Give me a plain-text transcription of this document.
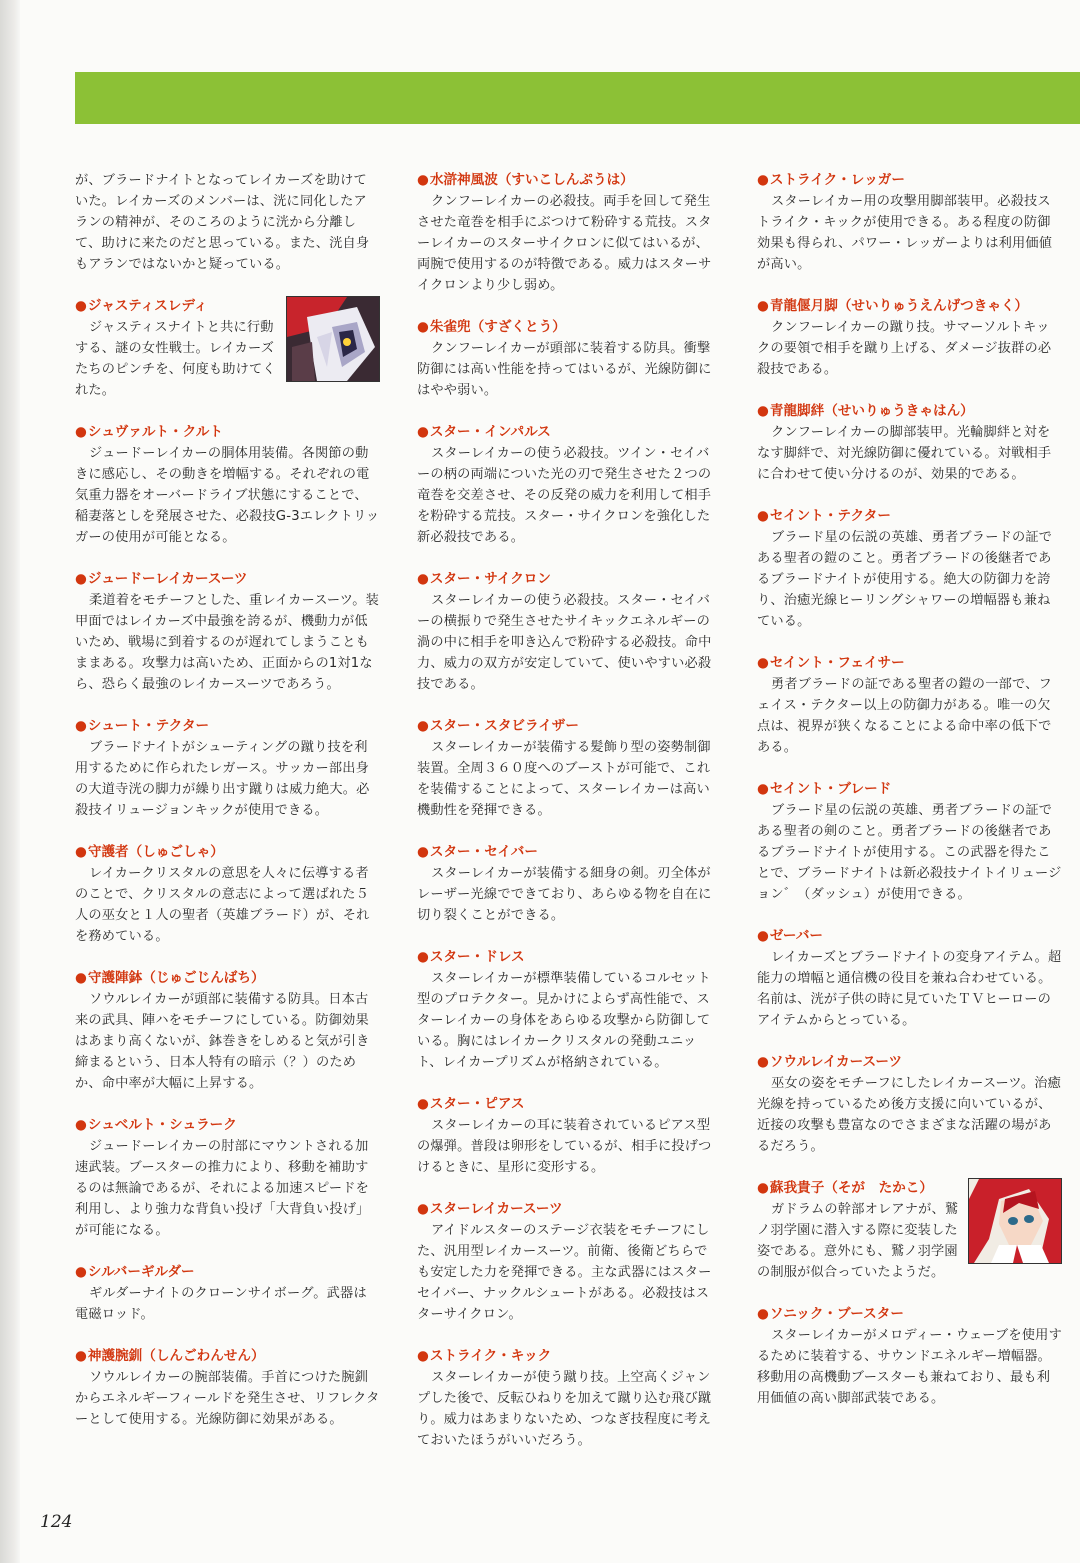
が、ブラードナイトとなってレイカーズを助けていた。レイカーズのメンバーは、洸に同化したアランの精神が、そのころのように洸から分離して、助けに来たのだと思っている。また、洸自身もアランではないかと疑っている。

● ジャスティスレディ

ジャスティスナイトと共に行動する、謎の女性戦士。レイカーズたちのピンチを、何度も助けてくれた。

● シュヴァルト・クルト

ジュードーレイカーの胴体用装備。各関節の動きに感応し、その動きを増幅する。それぞれの電気重力器をオーバードライブ状態にすることで、稲妻落としを発展させた、必殺技G-3エレクトリッガーの使用が可能となる。

● ジュードーレイカースーツ

柔道着をモチーフとした、重レイカースーツ。装甲面ではレイカーズ中最強を誇るが、機動力が低いため、戦場に到着するのが遅れてしまうこともままある。攻撃力は高いため、正面からの1対1なら、恐らく最強のレイカースーツであろう。

● シュート・テクター

ブラードナイトがシューティングの蹴り技を利用するために作られたレガース。サッカー部出身の大道寺洸の脚力が繰り出す蹴りは威力絶大。必殺技イリュージョンキックが使用できる。

● 守護者（しゅごしゃ）

レイカークリスタルの意思を人々に伝導する者のことで、クリスタルの意志によって選ばれた５人の巫女と１人の聖者（英雄ブラード）が、それを務めている。

● 守護陣鉢（じゅごじんばち）

ソウルレイカーが頭部に装備する防具。日本古来の武具、陣ハをモチーフにしている。防御効果はあまり高くないが、鉢巻きをしめると気が引き締まるという、日本人特有の暗示（？）のためか、命中率が大幅に上昇する。

● シュベルト・シュラーク

ジュードーレイカーの肘部にマウントされる加速武装。ブースターの推力により、移動を補助するのは無論であるが、それによる加速スピードを利用し、より強力な背負い投げ「大背負い投げ」が可能になる。

● シルバーギルダー

ギルダーナイトのクローンサイボーグ。武器は電磁ロッド。

● 神護腕釧（しんごわんせん）

ソウルレイカーの腕部装備。手首につけた腕釧からエネルギーフィールドを発生させ、リフレクターとして使用する。光線防御に効果がある。

● 水滸神風波（すいこしんぷうは）

クンフーレイカーの必殺技。両手を回して発生させた竜巻を相手にぶつけて粉砕する荒技。スターレイカーのスターサイクロンに似てはいるが、両腕で使用するのが特徴である。威力はスターサイクロンより少し弱め。

● 朱雀兜（すざくとう）

クンフーレイカーが頭部に装着する防具。衝撃防御には高い性能を持ってはいるが、光線防御にはやや弱い。

● スター・インパルス

スターレイカーの使う必殺技。ツイン・セイバーの柄の両端についた光の刃で発生させた２つの竜巻を交差させ、その反発の威力を利用して相手を粉砕する荒技。スター・サイクロンを強化した新必殺技である。

● スター・サイクロン

スターレイカーの使う必殺技。スター・セイバーの横振りで発生させたサイキックエネルギーの渦の中に相手を叩き込んで粉砕する必殺技。命中力、威力の双方が安定していて、使いやすい必殺技である。

● スター・スタビライザー

スターレイカーが装備する髪飾り型の姿勢制御装置。全周３６０度へのブーストが可能で、これを装備することによって、スターレイカーは高い機動性を発揮できる。

● スター・セイバー

スターレイカーが装備する細身の剣。刃全体がレーザー光線でできており、あらゆる物を自在に切り裂くことができる。

● スター・ドレス

スターレイカーが標準装備しているコルセット型のプロテクター。見かけによらず高性能で、スターレイカーの身体をあらゆる攻撃から防御している。胸にはレイカークリスタルの発動ユニット、レイカープリズムが格納されている。

● スター・ピアス

スターレイカーの耳に装着されているピアス型の爆弾。普段は卵形をしているが、相手に投げつけるときに、星形に変形する。

● スターレイカースーツ

アイドルスターのステージ衣装をモチーフにした、汎用型レイカースーツ。前衛、後衛どちらでも安定した力を発揮できる。主な武器にはスターセイバー、ナックルシュートがある。必殺技はスターサイクロン。

● ストライク・キック

スターレイカーが使う蹴り技。上空高くジャンプした後で、反転ひねりを加えて蹴り込む飛び蹴り。威力はあまりないため、つなぎ技程度に考えておいたほうがいいだろう。

● ストライク・レッガー

スターレイカー用の攻撃用脚部装甲。必殺技ストライク・キックが使用できる。ある程度の防御効果も得られ、パワー・レッガーよりは利用価値が高い。

● 青龍偃月脚（せいりゅうえんげつきゃく）

クンフーレイカーの蹴り技。サマーソルトキックの要領で相手を蹴り上げる、ダメージ抜群の必殺技である。

● 青龍脚絆（せいりゅうきゃはん）

クンフーレイカーの脚部装甲。光輪脚絆と対をなす脚絆で、対光線防御に優れている。対戦相手に合わせて使い分けるのが、効果的である。

● セイント・テクター

ブラード星の伝説の英雄、勇者ブラードの証である聖者の鎧のこと。勇者ブラードの後継者であるブラードナイトが使用する。絶大の防御力を誇り、治癒光線ヒーリングシャワーの増幅器も兼ねている。

● セイント・フェイサー

勇者ブラードの証である聖者の鎧の一部で、フェイス・テクター以上の防御力がある。唯一の欠点は、視界が狭くなることによる命中率の低下である。

● セイント・ブレード

ブラード星の伝説の英雄、勇者ブラードの証である聖者の剣のこと。勇者ブラードの後継者であるブラードナイトが使用する。この武器を得たことで、ブラードナイトは新必殺技ナイトイリュージョン゛（ダッシュ）が使用できる。

● ゼーバー

レイカーズとブラードナイトの変身アイテム。超能力の増幅と通信機の役目を兼ね合わせている。名前は、洸が子供の時に見ていたＴＶヒーローのアイテムからとっている。

● ソウルレイカースーツ

巫女の姿をモチーフにしたレイカースーツ。治癒光線を持っているため後方支援に向いているが、近接の攻撃も豊富なのでさまざまな活躍の場があるだろう。

● 蘇我貴子（そが　たかこ）

ガドラムの幹部オレアナが、鷲ノ羽学園に潜入する際に変装した姿である。意外にも、鷲ノ羽学園の制服が似合っていたようだ。

● ソニック・ブースター

スターレイカーがメロディー・ウェーブを使用するために装着する、サウンドエネルギー増幅器。移動用の高機動ブースターも兼ねており、最も利用価値の高い脚部武装である。

124
